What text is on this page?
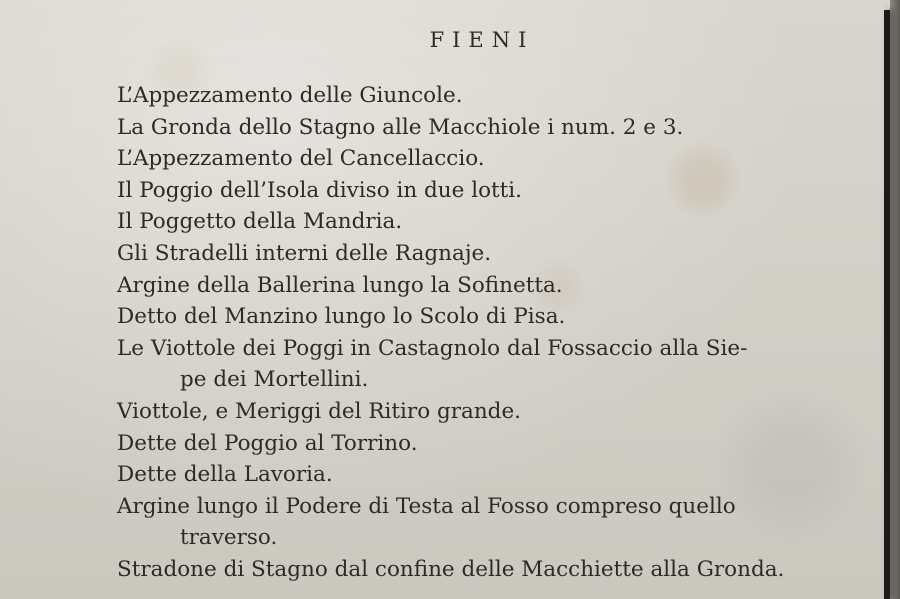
FIENI
L’Appezzamento delle Giuncole.
La Gronda dello Stagno alle Macchiole i num. 2 e 3.
L’Appezzamento del Cancellaccio.
Il Poggio dell’Isola diviso in due lotti.
Il Poggetto della Mandria.
Gli Stradelli interni delle Ragnaje.
Argine della Ballerina lungo la Sofinetta.
Detto del Manzino lungo lo Scolo di Pisa.
Le Viottole dei Poggi in Castagnolo dal Fossaccio alla Sie-
pe dei Mortellini.
Viottole, e Meriggi del Ritiro grande.
Dette del Poggio al Torrino.
Dette della Lavoria.
Argine lungo il Podere di Testa al Fosso compreso quello
traverso.
Stradone di Stagno dal confine delle Macchiette alla Gronda.
